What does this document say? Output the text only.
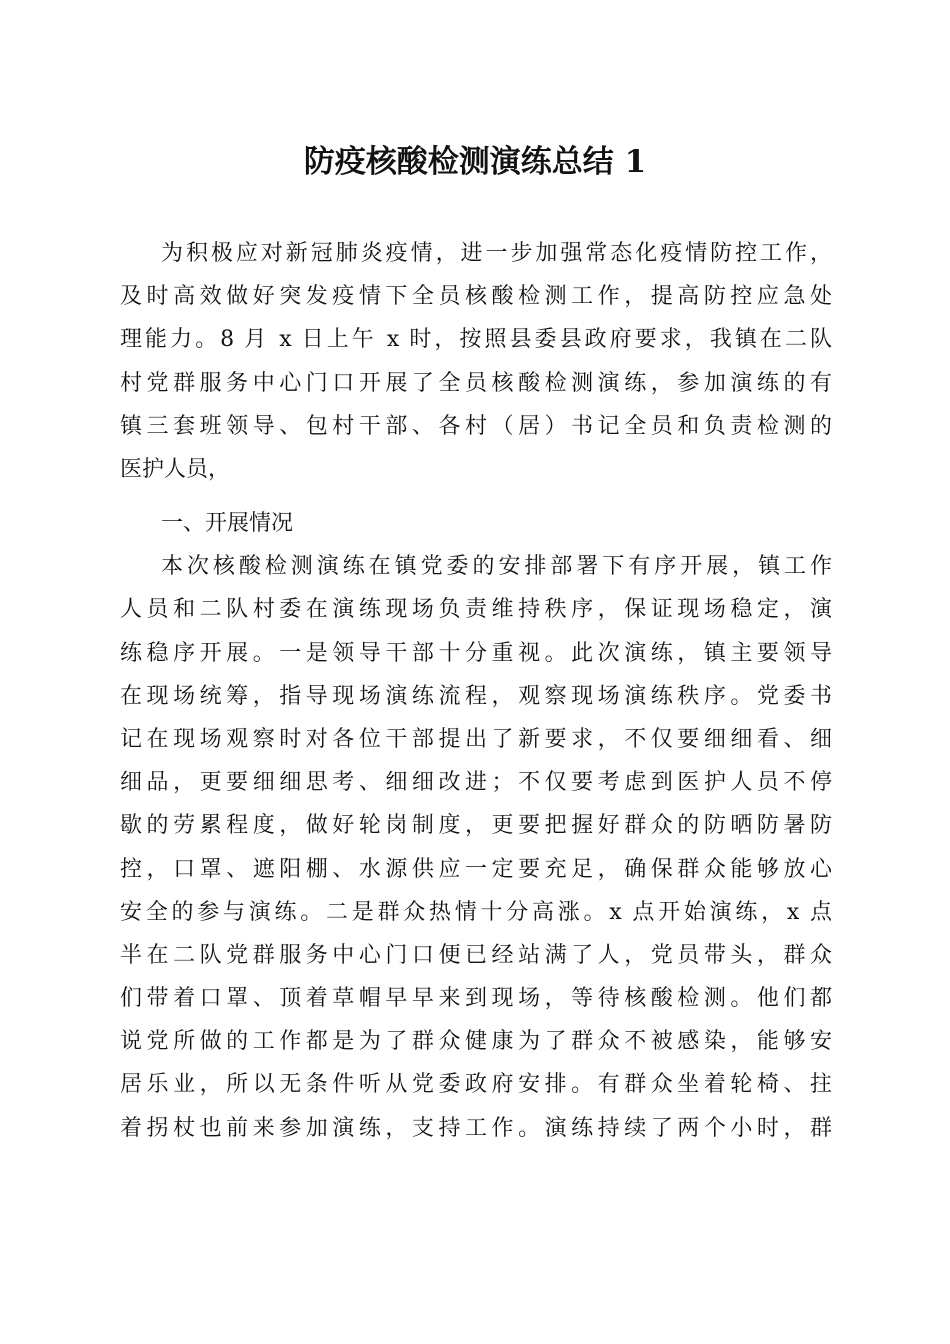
防疫核酸检测演练总结 1

为积极应对新冠肺炎疫情，进一步加强常态化疫情防控工作，

及时高效做好突发疫情下全员核酸检测工作，提高防控应急处

理能力。8 月 x 日上午 x 时，按照县委县政府要求，我镇在二队

村党群服务中心门口开展了全员核酸检测演练，参加演练的有

镇三套班领导、包村干部、各村（居）书记全员和负责检测的

医护人员，

一、开展情况

本次核酸检测演练在镇党委的安排部署下有序开展，镇工作

人员和二队村委在演练现场负责维持秩序，保证现场稳定，演

练稳序开展。一是领导干部十分重视。此次演练，镇主要领导

在现场统筹，指导现场演练流程，观察现场演练秩序。党委书

记在现场观察时对各位干部提出了新要求，不仅要细细看、细

细品，更要细细思考、细细改进；不仅要考虑到医护人员不停

歇的劳累程度，做好轮岗制度，更要把握好群众的防晒防暑防

控，口罩、遮阳棚、水源供应一定要充足，确保群众能够放心

安全的参与演练。二是群众热情十分高涨。x 点开始演练，x 点

半在二队党群服务中心门口便已经站满了人，党员带头，群众

们带着口罩、顶着草帽早早来到现场，等待核酸检测。他们都

说党所做的工作都是为了群众健康为了群众不被感染，能够安

居乐业，所以无条件听从党委政府安排。有群众坐着轮椅、拄

着拐杖也前来参加演练，支持工作。演练持续了两个小时，群
